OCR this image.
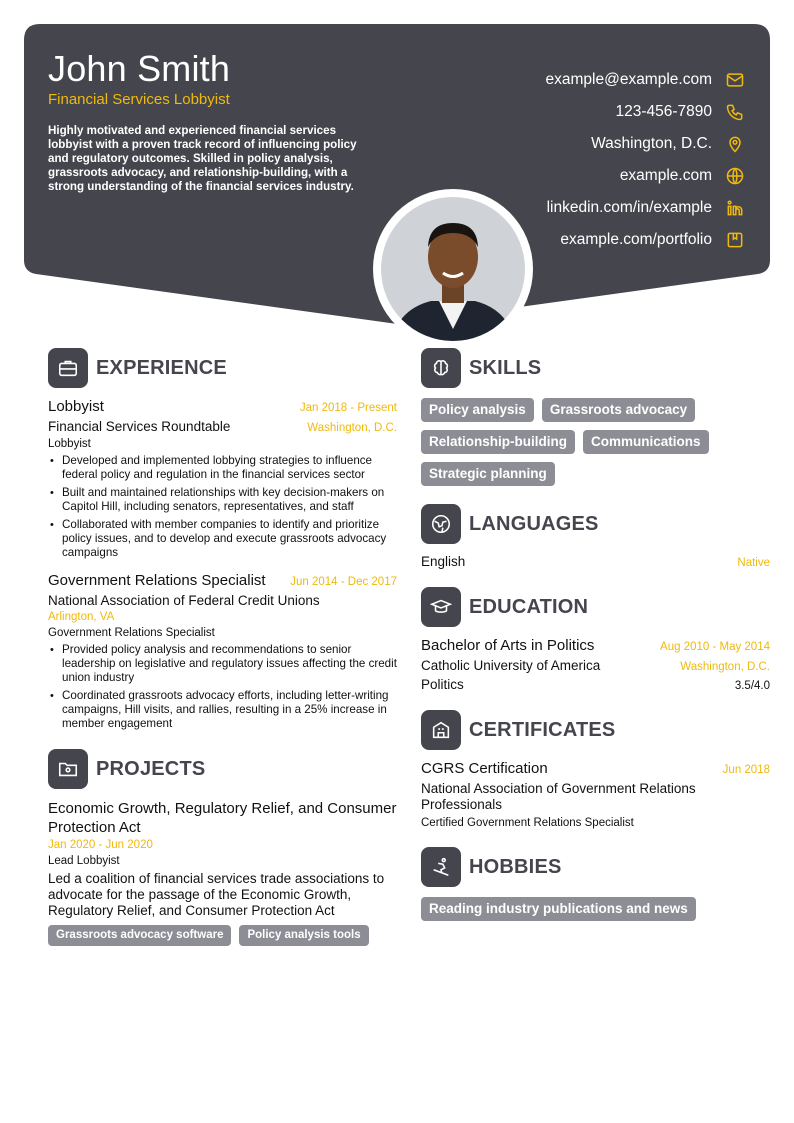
John Smith
Financial Services Lobbyist
Highly motivated and experienced financial services lobbyist with a proven track record of influencing policy and regulatory outcomes. Skilled in policy analysis, grassroots advocacy, and relationship-building, with a strong understanding of the financial services industry.
example@example.com
123-456-7890
Washington, D.C.
example.com
linkedin.com/in/example
example.com/portfolio
EXPERIENCE
Lobbyist	Jan 2018 - Present
Financial Services Roundtable	Washington, D.C.
Lobbyist
• Developed and implemented lobbying strategies to influence federal policy and regulation in the financial services sector
• Built and maintained relationships with key decision-makers on Capitol Hill, including senators, representatives, and staff
• Collaborated with member companies to identify and prioritize policy issues, and to develop and execute grassroots advocacy campaigns
Government Relations Specialist Jun 2014 - Dec 2017
National Association of Federal Credit Unions
Arlington, VA
Government Relations Specialist
• Provided policy analysis and recommendations to senior leadership on legislative and regulatory issues affecting the credit union industry
• Coordinated grassroots advocacy efforts, including letter-writing campaigns, Hill visits, and rallies, resulting in a 25% increase in member engagement
PROJECTS
Economic Growth, Regulatory Relief, and Consumer Protection Act
Jan 2020 - Jun 2020
Lead Lobbyist
Led a coalition of financial services trade associations to advocate for the passage of the Economic Growth, Regulatory Relief, and Consumer Protection Act
Grassroots advocacy software	Policy analysis tools
SKILLS
Policy analysis	Grassroots advocacy
Relationship-building	Communications
Strategic planning
LANGUAGES
English	Native
EDUCATION
Bachelor of Arts in Politics	Aug 2010 - May 2014
Catholic University of America	Washington, D.C.
Politics	3.5/4.0
CERTIFICATES
CGRS Certification	Jun 2018
National Association of Government Relations Professionals
Certified Government Relations Specialist
HOBBIES
Reading industry publications and news
